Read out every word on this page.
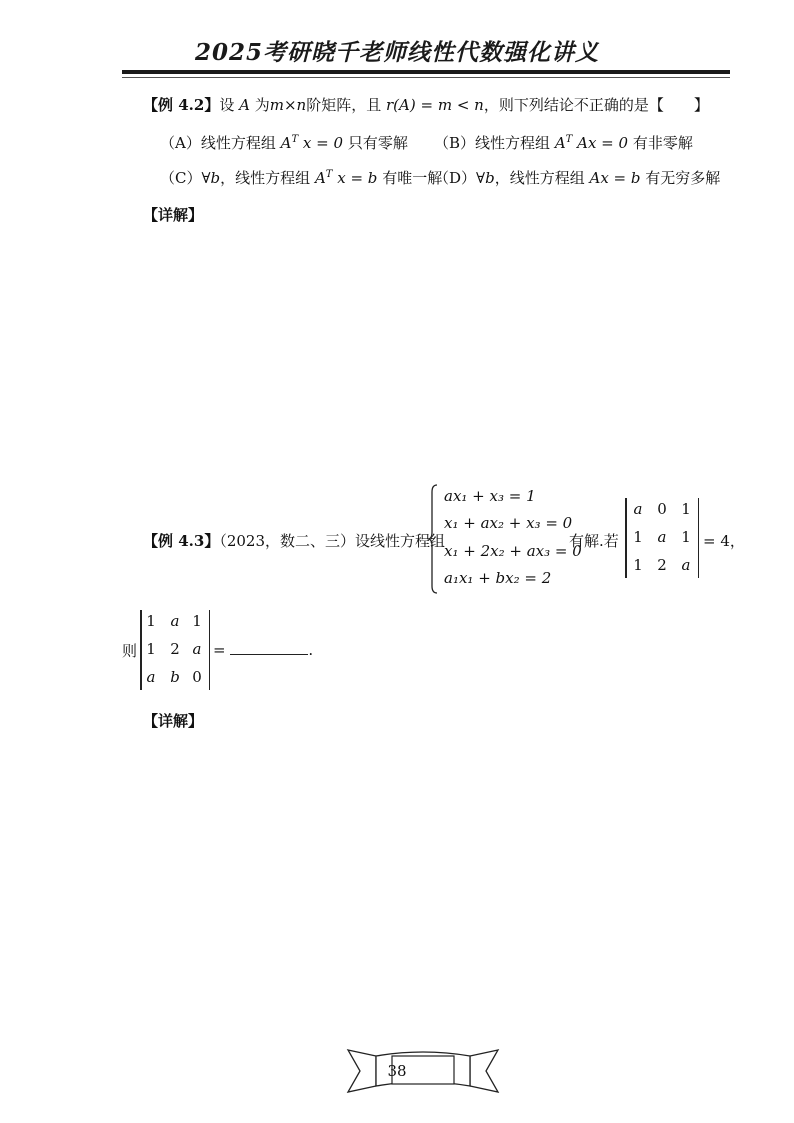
2025考研晓千老师线性代数强化讲义
【例 4.2】设 A 为m×n阶矩阵，且 r(A) = m < n，则下列结论不正确的是【　　】
（A）线性方程组 $A^T$ x = 0 只有零解 （B）线性方程组 $A^T$ Ax = 0 有非零解
（C）∀b，线性方程组 $A^T$ x = b 有唯一解
（D）∀b，线性方程组 Ax = b 有无穷多解
【详解】
【例 4.3】（2023，数二、三）设线性方程组
ax₁ + x₃ = 1
x₁ + ax₂ + x₃ = 0
x₁ + 2x₂ + ax₃ = 0
a₁x₁ + bx₂ = 2
有解.若
a 0 1
1 a 1
1 2 a
= 4，
则
1 a 1
1 2 a
a b 0
=	.
【详解】
38
